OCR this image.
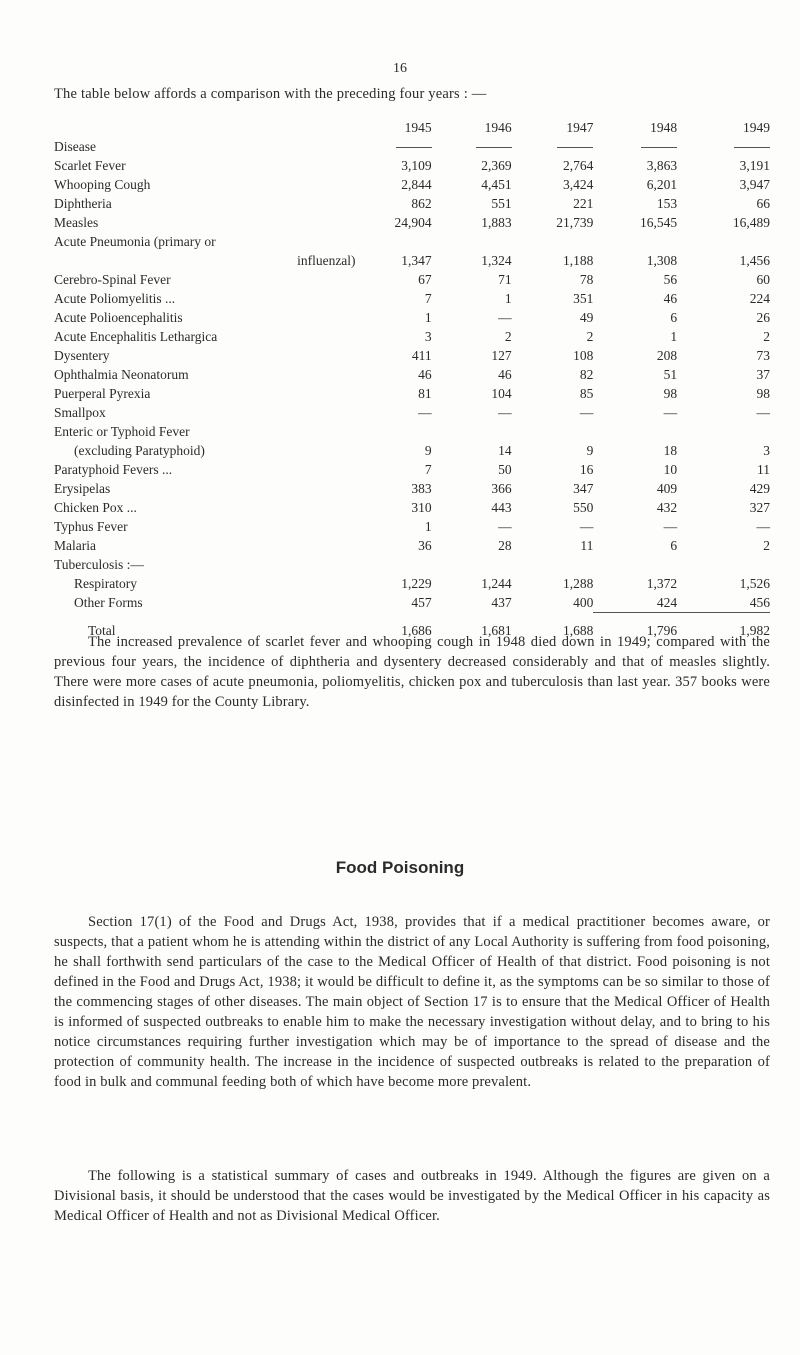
16
The table below affords a comparison with the preceding four years : —
	1945	1946	1947	1948	1949
Disease					
Scarlet Fever	3,109	2,369	2,764	3,863	3,191
Whooping Cough	2,844	4,451	3,424	6,201	3,947
Diphtheria	862	551	221	153	66
Measles	24,904	1,883	21,739	16,545	16,489
Acute Pneumonia (primary or					
influenzal)	1,347	1,324	1,188	1,308	1,456
Cerebro-Spinal Fever	67	71	78	56	60
Acute Poliomyelitis ...	7	1	351	46	224
Acute Polioencephalitis	1	—	49	6	26
Acute Encephalitis Lethargica	3	2	2	1	2
Dysentery	411	127	108	208	73
Ophthalmia Neonatorum	46	46	82	51	37
Puerperal Pyrexia	81	104	85	98	98
Smallpox	—	—	—	—	—
Enteric or Typhoid Fever					
(excluding Paratyphoid)	9	14	9	18	3
Paratyphoid Fevers ...	7	50	16	10	11
Erysipelas	383	366	347	409	429
Chicken Pox ...	310	443	550	432	327
Typhus Fever	1	—	—	—	—
Malaria	36	28	11	6	2
Tuberculosis :—					
Respiratory	1,229	1,244	1,288	1,372	1,526
Other Forms	457	437	400	424	456
Total	1,686	1,681	1,688	1,796	1,982
The increased prevalence of scarlet fever and whooping cough in 1948 died down in 1949; compared with the previous four years, the incidence of diphtheria and dysentery decreased considerably and that of measles slightly. There were more cases of acute pneumonia, poliomyelitis, chicken pox and tuberculosis than last year. 357 books were disinfected in 1949 for the County Library.
Food Poisoning
Section 17(1) of the Food and Drugs Act, 1938, provides that if a medical practitioner becomes aware, or suspects, that a patient whom he is attending within the district of any Local Authority is suffering from food poisoning, he shall forthwith send particulars of the case to the Medical Officer of Health of that district. Food poisoning is not defined in the Food and Drugs Act, 1938; it would be difficult to define it, as the symptoms can be so similar to those of the commencing stages of other diseases. The main object of Section 17 is to ensure that the Medical Officer of Health is informed of suspected outbreaks to enable him to make the necessary investigation without delay, and to bring to his notice circumstances requiring further investigation which may be of importance to the spread of disease and the protection of community health. The increase in the incidence of suspected outbreaks is related to the preparation of food in bulk and communal feeding both of which have become more prevalent.
The following is a statistical summary of cases and outbreaks in 1949. Although the figures are given on a Divisional basis, it should be understood that the cases would be investigated by the Medical Officer in his capacity as Medical Officer of Health and not as Divisional Medical Officer.
